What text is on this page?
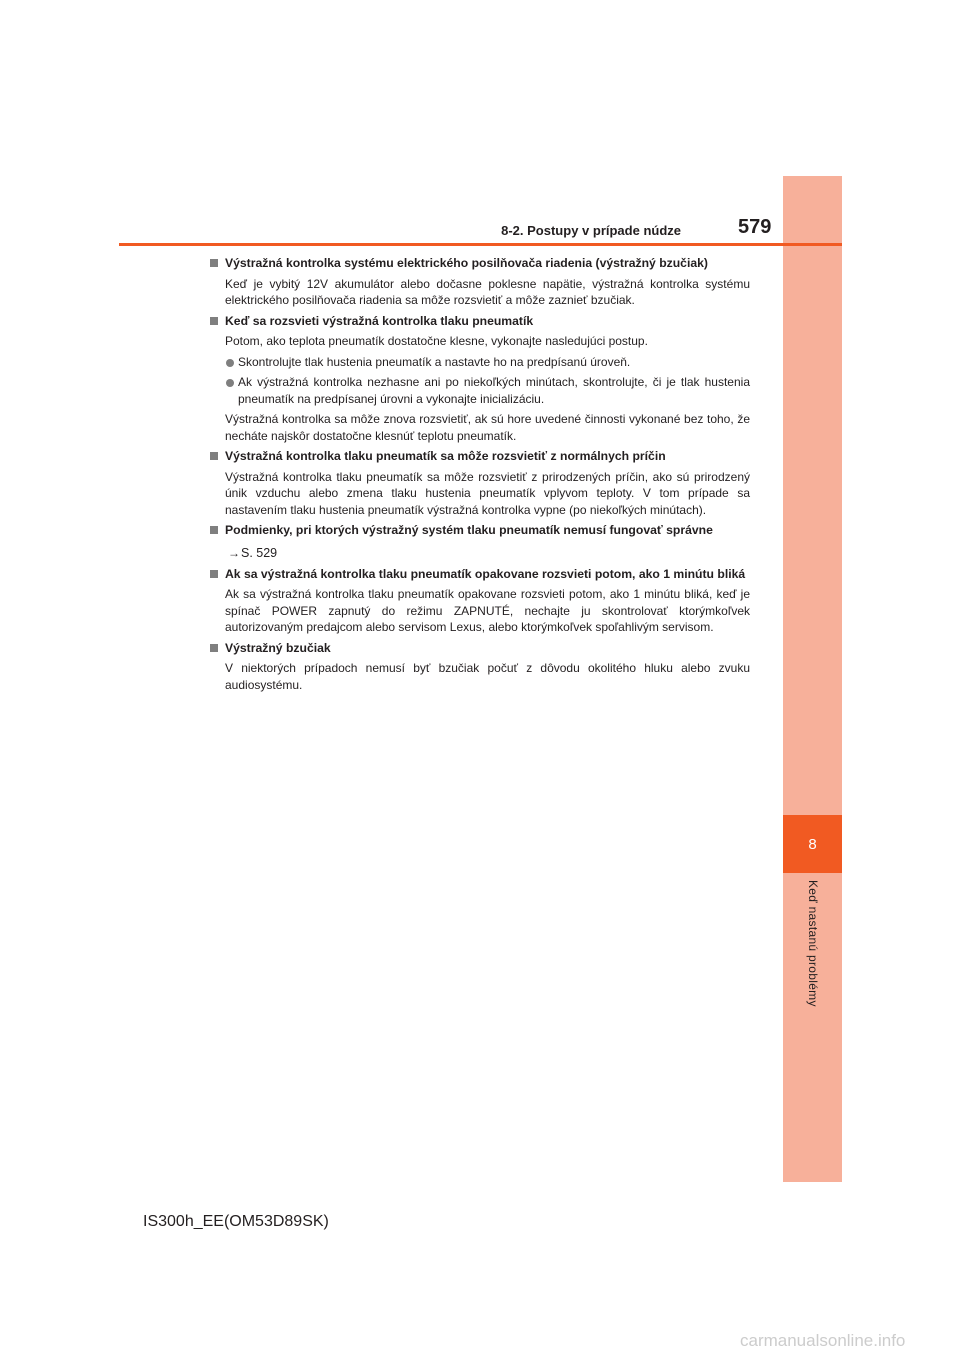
8
Keď nastanú problémy
8-2. Postupy v prípade núdze	579
Výstražná kontrolka systému elektrického posilňovača riadenia (výstražný bzučiak)
Keď je vybitý 12V akumulátor alebo dočasne poklesne napätie, výstražná kontrolka systému elektrického posilňovača riadenia sa môže rozsvietiť a môže zaznieť bzučiak.
Keď sa rozsvieti výstražná kontrolka tlaku pneumatík
Potom, ako teplota pneumatík dostatočne klesne, vykonajte nasledujúci postup.
Skontrolujte tlak hustenia pneumatík a nastavte ho na predpísanú úroveň.
Ak výstražná kontrolka nezhasne ani po niekoľkých minútach, skontrolujte, či je tlak hustenia pneumatík na predpísanej úrovni a vykonajte inicializáciu.
Výstražná kontrolka sa môže znova rozsvietiť, ak sú hore uvedené činnosti vykonané bez toho, že necháte najskôr dostatočne klesnúť teplotu pneumatík.
Výstražná kontrolka tlaku pneumatík sa môže rozsvietiť z normálnych príčin
Výstražná kontrolka tlaku pneumatík sa môže rozsvietiť z prirodzených príčin, ako sú prirodzený únik vzduchu alebo zmena tlaku hustenia pneumatík vplyvom teploty. V tom prípade sa nastavením tlaku hustenia pneumatík výstražná kontrolka vypne (po niekoľkých minútach).
Podmienky, pri ktorých výstražný systém tlaku pneumatík nemusí fungovať správne
→S. 529
Ak sa výstražná kontrolka tlaku pneumatík opakovane rozsvieti potom, ako 1 minútu bliká
Ak sa výstražná kontrolka tlaku pneumatík opakovane rozsvieti potom, ako 1 minútu bliká, keď je spínač POWER zapnutý do režimu ZAPNUTÉ, nechajte ju skontrolovať ktorýmkoľvek autorizovaným predajcom alebo servisom Lexus, alebo ktorýmkoľvek spoľahlivým servisom.
Výstražný bzučiak
V niektorých prípadoch nemusí byť bzučiak počuť z dôvodu okolitého hluku alebo zvuku audiosystému.
IS300h_EE(OM53D89SK)
carmanualsonline.info
